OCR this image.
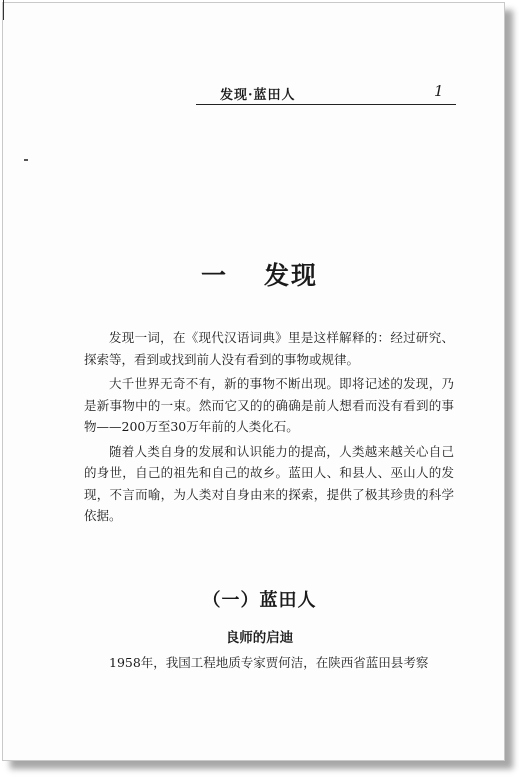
发现·蓝田人	1
一 发现

发现一词，在《现代汉语词典》里是这样解释的：经过研究、探索等，看到或找到前人没有看到的事物或规律。

大千世界无奇不有，新的事物不断出现。即将记述的发现，乃是新事物中的一束。然而它又的的确确是前人想看而没有看到的事物——200万至30万年前的人类化石。

随着人类自身的发展和认识能力的提高，人类越来越关心自己的身世，自己的祖先和自己的故乡。蓝田人、和县人、巫山人的发现，不言而喻，为人类对自身由来的探索，提供了极其珍贵的科学依据。

（一）蓝田人
良师的启迪

1958年，我国工程地质专家贾何洁，在陕西省蓝田县考察
